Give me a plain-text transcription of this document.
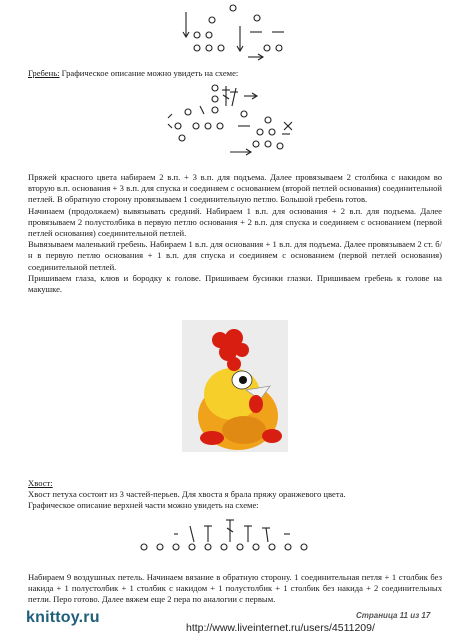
Гребень: Графическое описание можно увидеть на схеме:

Пряжей красного цвета набираем 2 в.п. + 3 в.п. для подъема. Далее провязываем 2 столбика с накидом во вторую в.п. основания + 3 в.п. для спуска и соединяем с основанием (второй петлей основания) соединительной петлей. В обратную сторону провязываем 1 соединительную петлю. Большой гребень готов.

Начинаем (продолжаем) вывязывать средний. Набираем 1 в.п. для основания + 2 в.п. для подъема. Далее провязываем 2 полустолбика в первую петлю основания + 2 в.п. для спуска и соединяем с основанием (первой петлей основания) соединительной петлей.

Вывязываем маленький гребень. Набираем 1 в.п. для основания + 1 в.п. для подъема. Далее провязываем 2 ст. б/н в первую петлю основания + 1 в.п. для спуска и соединяем с основанием (первой петлей основания) соединительной петлей.

Пришиваем глаза, клюв и бородку к голове. Пришиваем бусинки глазки. Пришиваем гребень к голове на макушке.

Хвост:

Хвост петуха состоит из 3 частей-перьев. Для хвоста я брала пряжу оранжевого цвета.

Графическое описание верхней части можно увидеть на схеме:

Набираем 9 воздушных петель. Начинаем вязание в обратную сторону. 1 соединительная петля + 1 столбик без накида + 1 полустолбик + 1 столбик с накидом + 1 полустолбик + 1 столбик без накида + 2 соединительных петли. Перо готово. Далее вяжем еще 2 пера по аналогии с первым.

knittoy.ru	Страница 11 из 17
http://www.liveinternet.ru/users/4511209/
